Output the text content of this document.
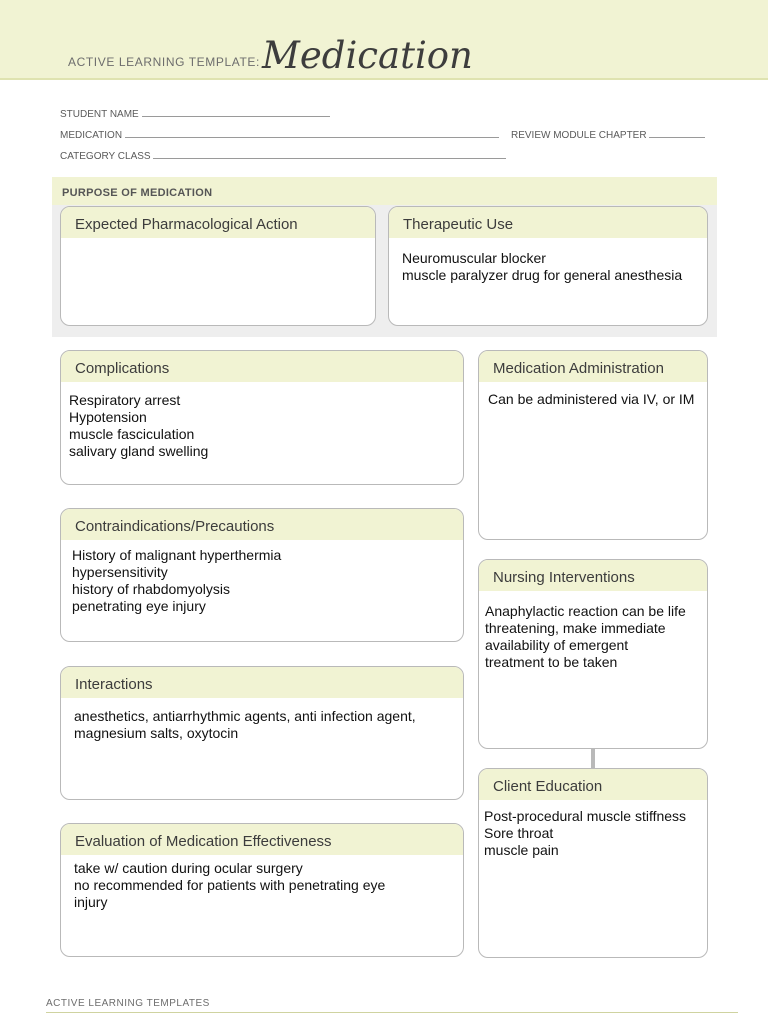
ACTIVE LEARNING TEMPLATE: Medication
STUDENT NAME
MEDICATION	REVIEW MODULE CHAPTER
CATEGORY CLASS
PURPOSE OF MEDICATION
Expected Pharmacological Action	Therapeutic Use
Neuromuscular blocker
muscle paralyzer drug for general anesthesia
Complications
Respiratory arrest
Hypotension
muscle fasciculation
salivary gland swelling
Contraindications/Precautions
History of malignant hyperthermia
hypersensitivity
history of rhabdomyolysis
penetrating eye injury
Interactions
anesthetics, antiarrhythmic agents, anti infection agent,
magnesium salts, oxytocin
Evaluation of Medication Effectiveness
take w/ caution during ocular surgery
no recommended for patients with penetrating eye
injury
Medication Administration
Can be administered via IV, or IM
Nursing Interventions
Anaphylactic reaction can be life
threatening, make immediate
availability of emergent
treatment to be taken
Client Education
Post-procedural muscle stiffness
Sore throat
muscle pain
ACTIVE LEARNING TEMPLATES
